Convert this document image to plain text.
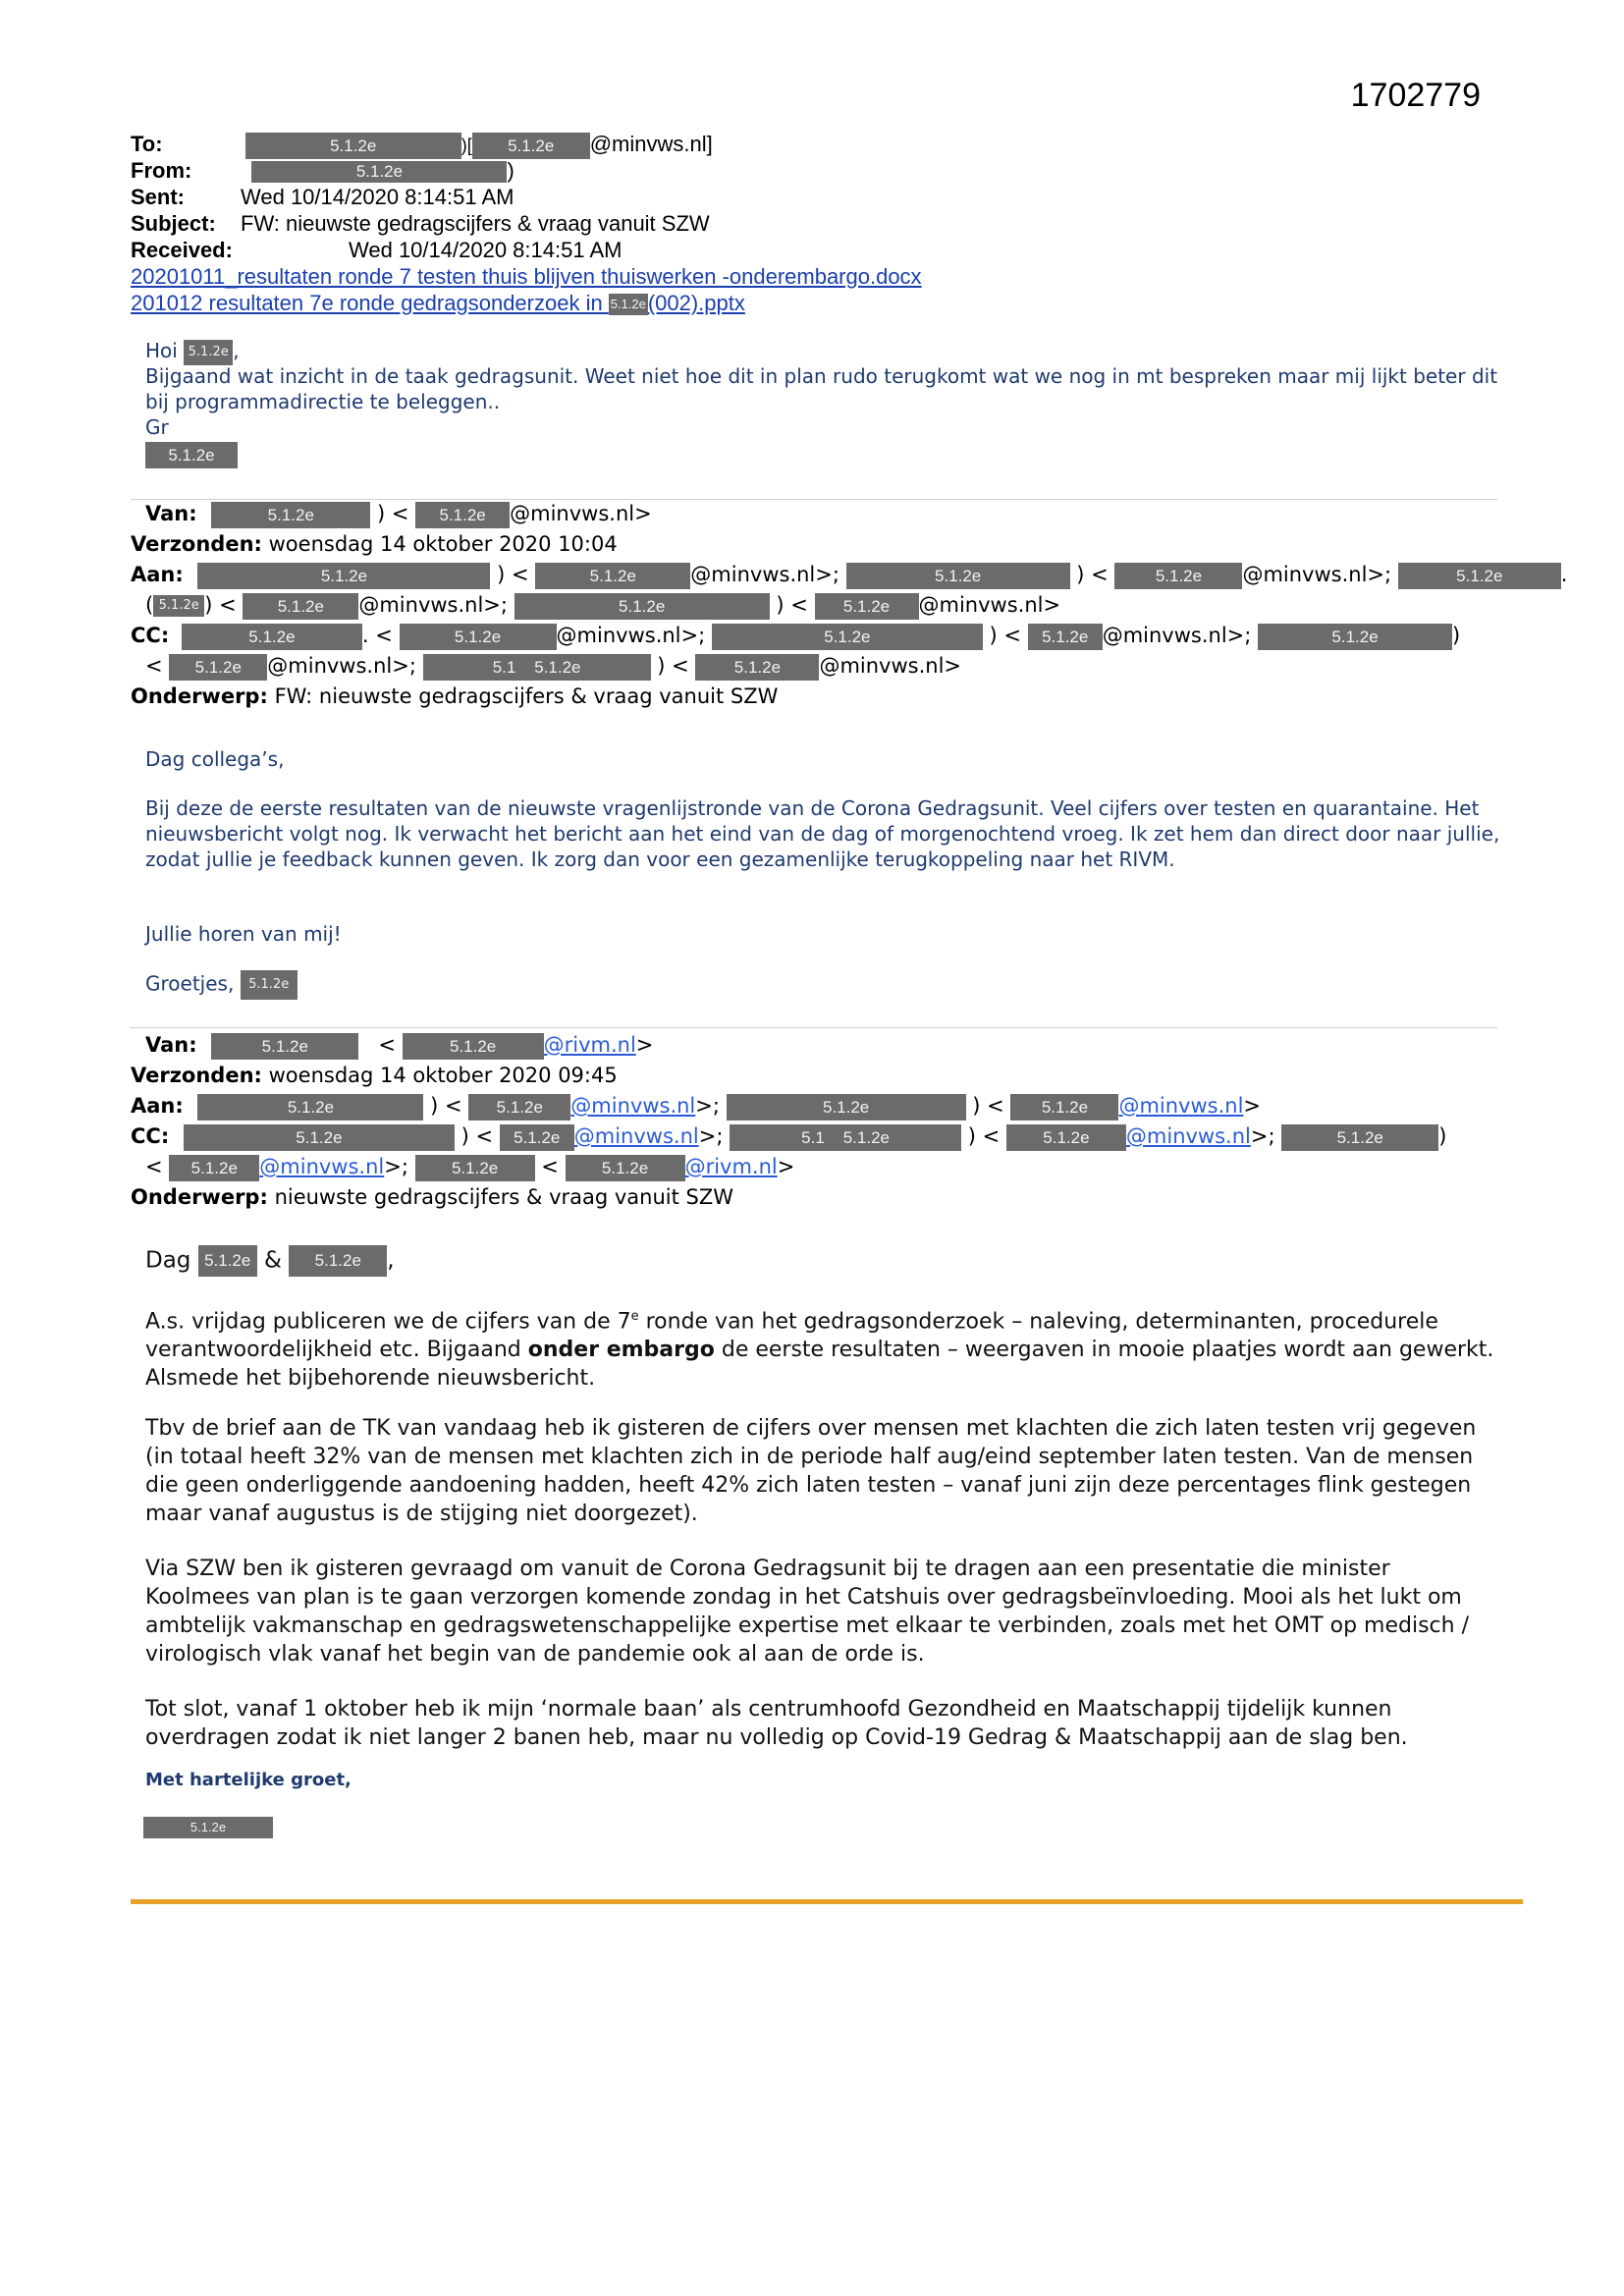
1702779
To:	5.1.2e	)[ 5.1.2e @minvws.nl]
From:	5.1.2e	)
Sent:	Wed 10/14/2020 8:14:51 AM
Subject: FW: nieuwste gedragscijfers & vraag vanuit SZW
Received:	Wed 10/14/2020 8:14:51 AM
20201011_resultaten ronde 7 testen thuis blijven thuiswerken -onderembargo.docx
201012 resultaten 7e ronde gedragsonderzoek in 5.1.2e(002).pptx
Hoi 5.1.2e ,
Bijgaand wat inzicht in de taak gedragsunit. Weet niet hoe dit in plan rudo terugkomt wat we nog in mt bespreken maar mij lijkt beter dit bij programmadirectie te beleggen..
Gr
5.1.2e
Van:	5.1.2e	) < 5.1.2e @minvws.nl>
Verzonden: woensdag 14 oktober 2020 10:04
Aan:	5.1.2e	) <	5.1.2e	@minvws.nl>;	5.1.2e	) < 5.1.2e @minvws.nl>;	5.1.2e	.
( 5.1.2e ) < 5.1.2e @minvws.nl>;	5.1.2e	) < 5.1.2e @minvws.nl>
CC:	5.1.2e	. <	5.1.2e	@minvws.nl>;	5.1.2e	) < 5.1.2e @minvws.nl>;	5.1.2e	)
< 5.1.2e @minvws.nl>;	5.1 5.1.2e	) < 5.1.2e @minvws.nl>
Onderwerp: FW: nieuwste gedragscijfers & vraag vanuit SZW
Dag collega’s,
Bij deze de eerste resultaten van de nieuwste vragenlijstronde van de Corona Gedragsunit. Veel cijfers over testen en quarantaine. Het nieuwsbericht volgt nog. Ik verwacht het bericht aan het eind van de dag of morgenochtend vroeg. Ik zet hem dan direct door naar jullie, zodat jullie je feedback kunnen geven. Ik zorg dan voor een gezamenlijke terugkoppeling naar het RIVM.
Jullie horen van mij!
Groetjes, 5.1.2e
Van:	5.1.2e   <	5.1.2e @rivm.nl>
Verzonden: woensdag 14 oktober 2020 09:45
Aan:	5.1.2e	) < 5.1.2e @minvws.nl>;	5.1.2e	) < 5.1.2e @minvws.nl>
CC:	5.1.2e	) < 5.1.2e @minvws.nl>;	5.1 5.1.2e	) < 5.1.2e @minvws.nl>;	5.1.2e	)
< 5.1.2e @minvws.nl>; 5.1.2e < 5.1.2e @rivm.nl>
Onderwerp: nieuwste gedragscijfers & vraag vanuit SZW
Dag 5.1.2e & 5.1.2e ,
A.s. vrijdag publiceren we de cijfers van de 7e ronde van het gedragsonderzoek – naleving, determinanten, procedurele verantwoordelijkheid etc. Bijgaand onder embargo de eerste resultaten – weergaven in mooie plaatjes wordt aan gewerkt. Alsmede het bijbehorende nieuwsbericht.
Tbv de brief aan de TK van vandaag heb ik gisteren de cijfers over mensen met klachten die zich laten testen vrij gegeven (in totaal heeft 32% van de mensen met klachten zich in de periode half aug/eind september laten testen. Van de mensen die geen onderliggende aandoening hadden, heeft 42% zich laten testen – vanaf juni zijn deze percentages flink gestegen maar vanaf augustus is de stijging niet doorgezet).
Via SZW ben ik gisteren gevraagd om vanuit de Corona Gedragsunit bij te dragen aan een presentatie die minister Koolmees van plan is te gaan verzorgen komende zondag in het Catshuis over gedragsbeïnvloeding. Mooi als het lukt om ambtelijk vakmanschap en gedragswetenschappelijke expertise met elkaar te verbinden, zoals met het OMT op medisch / virologisch vlak vanaf het begin van de pandemie ook al aan de orde is.
Tot slot, vanaf 1 oktober heb ik mijn ‘normale baan’ als centrumhoofd Gezondheid en Maatschappij tijdelijk kunnen overdragen zodat ik niet langer 2 banen heb, maar nu volledig op Covid-19 Gedrag & Maatschappij aan de slag ben.
Met hartelijke groet,
5.1.2e
